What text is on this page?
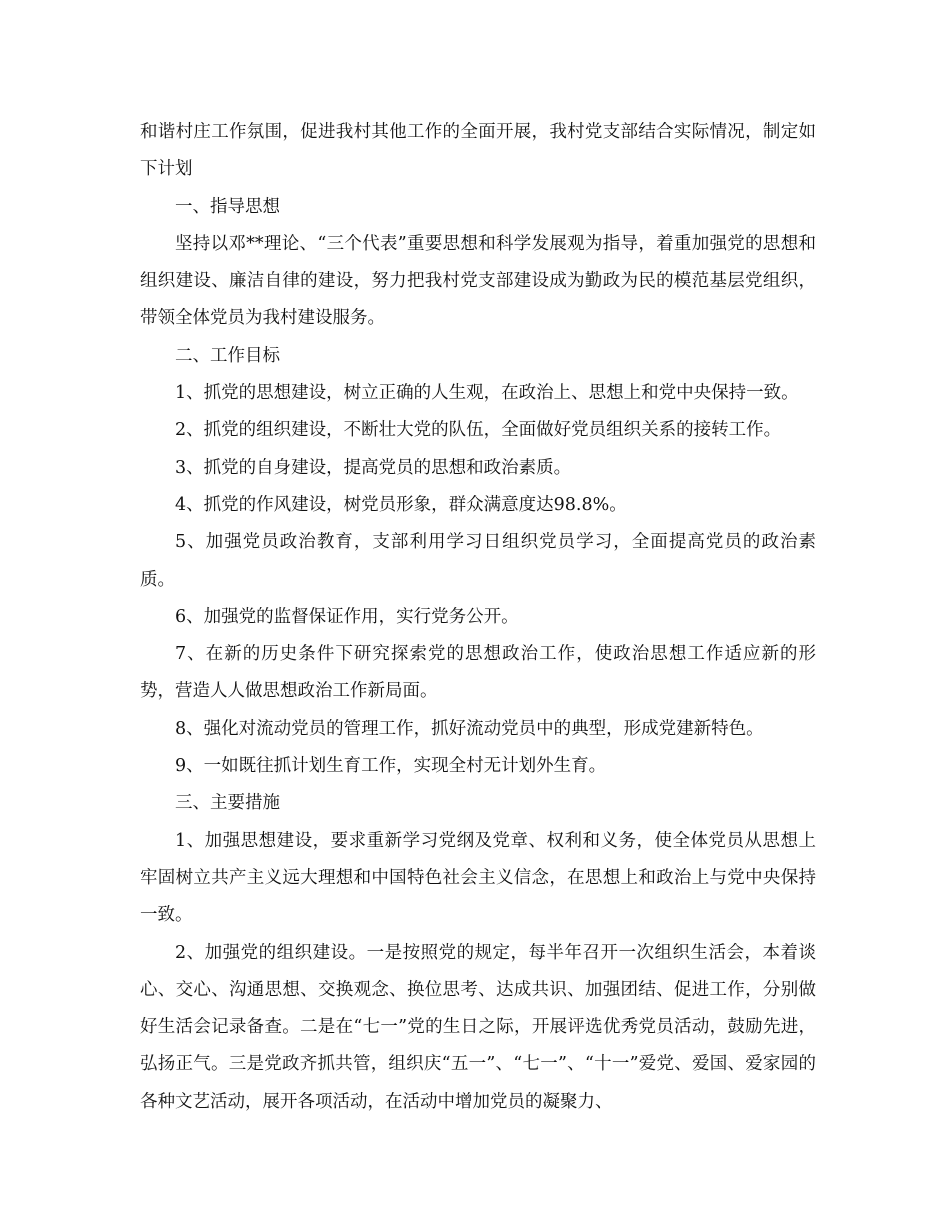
和谐村庄工作氛围，促进我村其他工作的全面开展，我村党支部结合实际情况，制定如下计划

一、指导思想

坚持以邓**理论、“三个代表”重要思想和科学发展观为指导，着重加强党的思想和组织建设、廉洁自律的建设，努力把我村党支部建设成为勤政为民的模范基层党组织，带领全体党员为我村建设服务。

二、工作目标

1、抓党的思想建设，树立正确的人生观，在政治上、思想上和党中央保持一致。

2、抓党的组织建设，不断壮大党的队伍，全面做好党员组织关系的接转工作。

3、抓党的自身建设，提高党员的思想和政治素质。

4、抓党的作风建设，树党员形象，群众满意度达98.8%。

5、加强党员政治教育，支部利用学习日组织党员学习，全面提高党员的政治素质。

6、加强党的监督保证作用，实行党务公开。

7、在新的历史条件下研究探索党的思想政治工作，使政治思想工作适应新的形势，营造人人做思想政治工作新局面。

8、强化对流动党员的管理工作，抓好流动党员中的典型，形成党建新特色。

9、一如既往抓计划生育工作，实现全村无计划外生育。

三、主要措施

1、加强思想建设，要求重新学习党纲及党章、权利和义务，使全体党员从思想上牢固树立共产主义远大理想和中国特色社会主义信念，在思想上和政治上与党中央保持一致。

2、加强党的组织建设。一是按照党的规定，每半年召开一次组织生活会，本着谈心、交心、沟通思想、交换观念、换位思考、达成共识、加强团结、促进工作，分别做好生活会记录备查。二是在“七一”党的生日之际，开展评选优秀党员活动，鼓励先进，弘扬正气。三是党政齐抓共管，组织庆“五一”、“七一”、“十一”爱党、爱国、爱家园的各种文艺活动，展开各项活动，在活动中增加党员的凝聚力、
